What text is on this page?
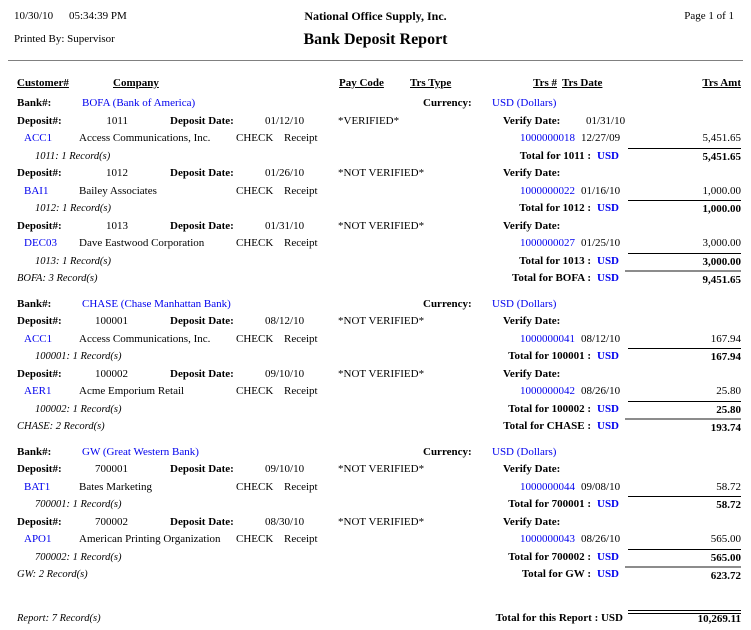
10/30/10 05:34:39 PM	National Office Supply, Inc.	Page 1 of 1
Printed By: Supervisor	Bank Deposit Report
Customer#	Company	Pay Code Trs Type	Trs # Trs Date	Trs Amt
Bank#:	BOFA (Bank of America)	Currency: USD (Dollars)
Deposit#:	1011	Deposit Date:	01/12/10	*VERIFIED*	Verify Date: 01/31/10
ACC1 Access Communications, Inc. CHECK Receipt	1000000018 12/27/09	5,451.65
1011: 1 Record(s)	Total for 1011 : USD	5,451.65
Deposit#:	1012	Deposit Date:	01/26/10	*NOT VERIFIED*	Verify Date:
BAI1	Bailey Associates	CHECK Receipt	1000000022 01/16/10	1,000.00
1012: 1 Record(s)	Total for 1012 : USD	1,000.00
Deposit#:	1013	Deposit Date:	01/31/10	*NOT VERIFIED*	Verify Date:
DEC03 Dave Eastwood Corporation	CHECK Receipt	1000000027 01/25/10	3,000.00
1013: 1 Record(s)	Total for 1013 : USD	3,000.00
BOFA: 3 Record(s)	Total for BOFA : USD	9,451.65
Bank#:	CHASE (Chase Manhattan Bank)	Currency: USD (Dollars)
Deposit#:	100001	Deposit Date:	08/12/10	*NOT VERIFIED*	Verify Date:
ACC1 Access Communications, Inc. CHECK Receipt	1000000041 08/12/10	167.94
100001: 1 Record(s)	Total for 100001 : USD	167.94
Deposit#:	100002	Deposit Date:	09/10/10	*NOT VERIFIED*	Verify Date:
AER1	Acme Emporium Retail	CHECK Receipt	1000000042 08/26/10	25.80
100002: 1 Record(s)	Total for 100002 : USD	25.80
CHASE: 2 Record(s)	Total for CHASE : USD	193.74
Bank#:	GW (Great Western Bank)	Currency: USD (Dollars)
Deposit#:	700001	Deposit Date:	09/10/10	*NOT VERIFIED*	Verify Date:
BAT1	Bates Marketing	CHECK Receipt	1000000044 09/08/10	58.72
700001: 1 Record(s)	Total for 700001 : USD	58.72
Deposit#:	700002	Deposit Date:	08/30/10	*NOT VERIFIED*	Verify Date:
APO1 American Printing Organization CHECK Receipt	1000000043 08/26/10	565.00
700002: 1 Record(s)	Total for 700002 : USD	565.00
GW: 2 Record(s)	Total for GW : USD	623.72
Report: 7 Record(s)	Total for this Report : USD	10,269.11
